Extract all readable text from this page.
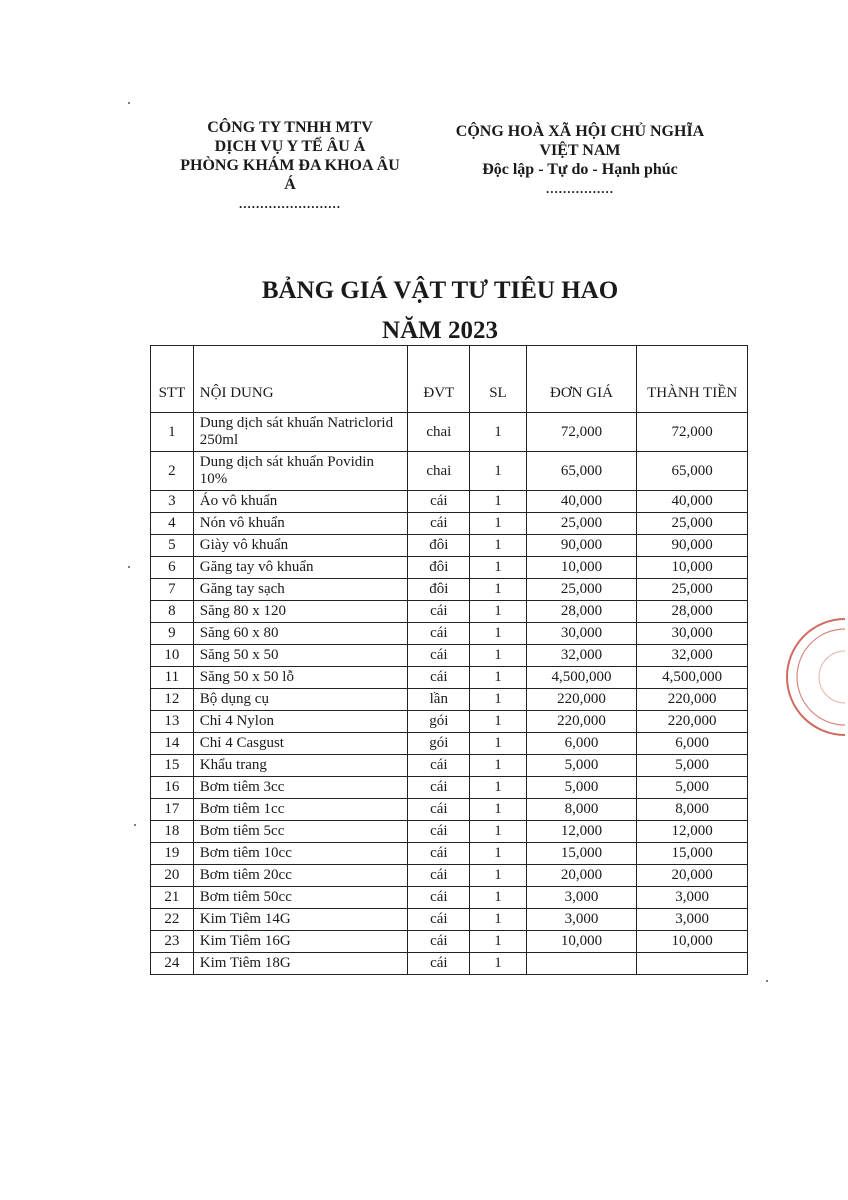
CÔNG TY TNHH MTV
DỊCH VỤ Y TẾ ÂU Á
PHÒNG KHÁM ĐA KHOA ÂU
Á
........................
CỘNG HOÀ XÃ HỘI CHỦ NGHĨA
VIỆT NAM
Độc lập - Tự do - Hạnh phúc
................
BẢNG GIÁ VẬT TƯ TIÊU HAO
NĂM 2023
STT	NỘI DUNG	ĐVT	SL	ĐƠN GIÁ	THÀNH TIỀN
1	Dung dịch sát khuẩn Natriclorid 250ml	chai	1	72,000	72,000
2	Dung dịch sát khuẩn Povidin 10%	chai	1	65,000	65,000
3	Áo vô khuẩn	cái	1	40,000	40,000
4	Nón vô khuẩn	cái	1	25,000	25,000
5	Giày vô khuẩn	đôi	1	90,000	90,000
6	Găng tay vô khuẩn	đôi	1	10,000	10,000
7	Găng tay sạch	đôi	1	25,000	25,000
8	Săng 80 x 120	cái	1	28,000	28,000
9	Săng 60 x 80	cái	1	30,000	30,000
10	Săng 50 x 50	cái	1	32,000	32,000
11	Săng 50 x 50 lỗ	cái	1	4,500,000	4,500,000
12	Bộ dụng cụ	lần	1	220,000	220,000
13	Chỉ 4 Nylon	gói	1	220,000	220,000
14	Chỉ 4 Casgust	gói	1	6,000	6,000
15	Khẩu trang	cái	1	5,000	5,000
16	Bơm tiêm 3cc	cái	1	5,000	5,000
17	Bơm tiêm 1cc	cái	1	8,000	8,000
18	Bơm tiêm 5cc	cái	1	12,000	12,000
19	Bơm tiêm 10cc	cái	1	15,000	15,000
20	Bơm tiêm 20cc	cái	1	20,000	20,000
21	Bơm tiêm 50cc	cái	1	3,000	3,000
22	Kim Tiêm 14G	cái	1	3,000	3,000
23	Kim Tiêm 16G	cái	1	10,000	10,000
24	Kim Tiêm 18G	cái	1		
